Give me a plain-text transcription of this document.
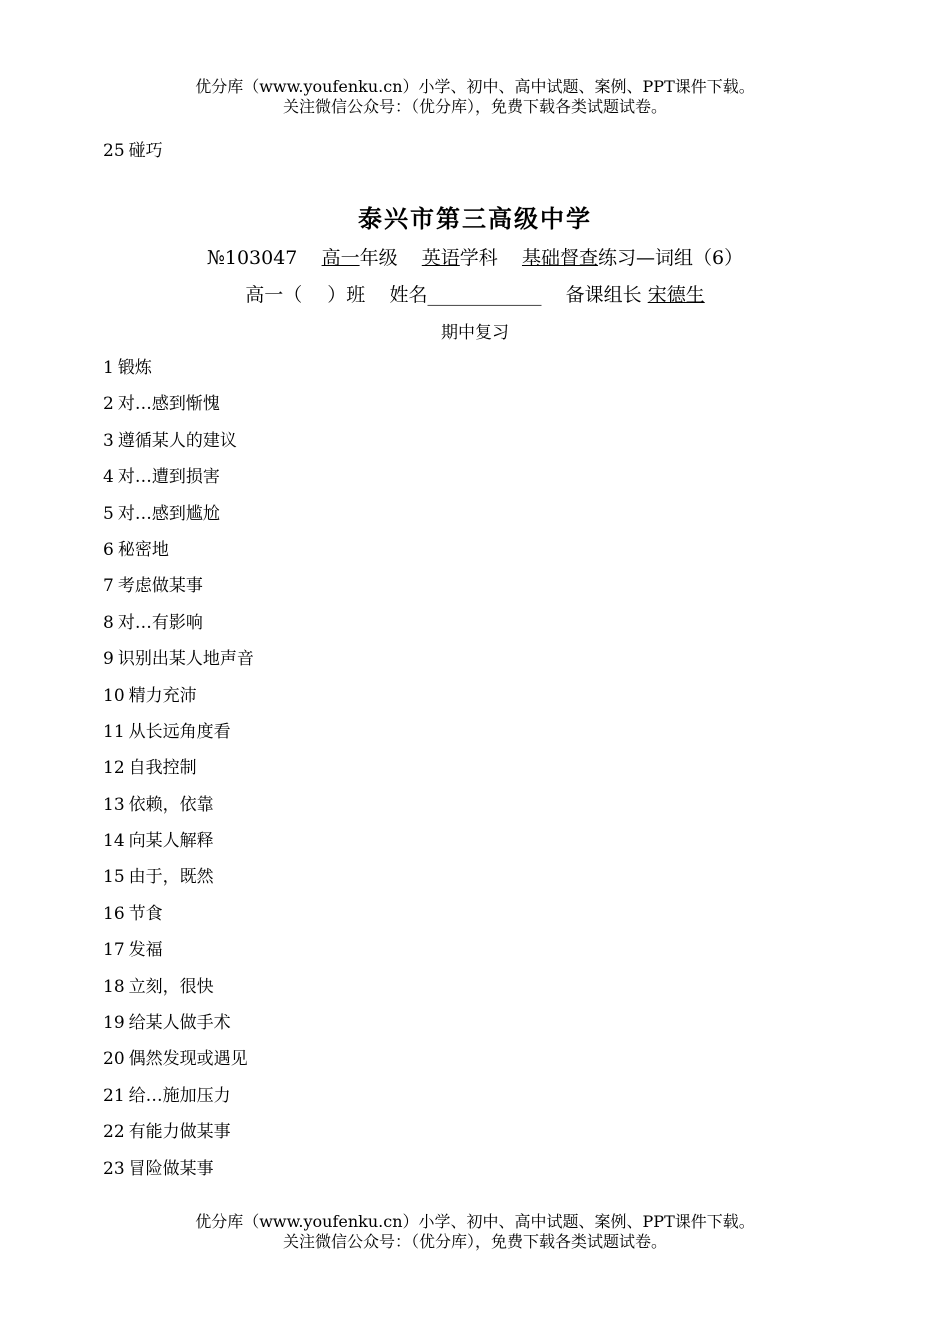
优分库（www.youfenku.cn）小学、初中、高中试题、案例、PPT课件下载。
关注微信公众号：（优分库），免费下载各类试题试卷。
25 碰巧
泰兴市第三高级中学
№103047 高一年级 英语学科 基础督查练习—词组（6）
高一（　 ）班 姓名____________ 备课组长 宋德生
期中复习
1 锻炼
2 对…感到惭愧
3 遵循某人的建议
4 对…遭到损害
5 对…感到尴尬
6 秘密地
7 考虑做某事
8 对…有影响
9 识别出某人地声音
10 精力充沛
11 从长远角度看
12 自我控制
13 依赖，依靠
14 向某人解释
15 由于，既然
16 节食
17 发福
18 立刻，很快
19 给某人做手术
20 偶然发现或遇见
21 给…施加压力
22 有能力做某事
23 冒险做某事
优分库（www.youfenku.cn）小学、初中、高中试题、案例、PPT课件下载。
关注微信公众号：（优分库），免费下载各类试题试卷。
